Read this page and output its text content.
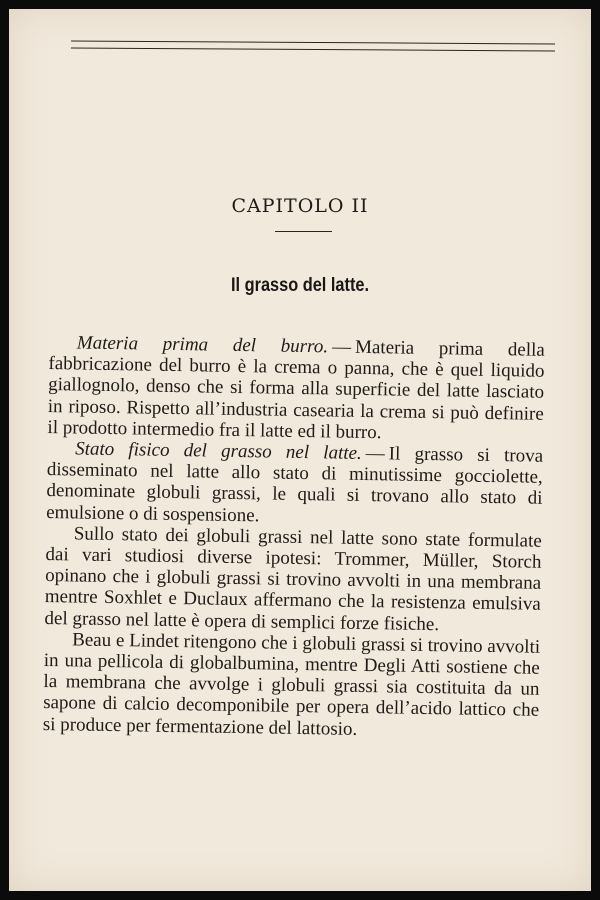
CAPITOLO II
Il grasso del latte.

Materia prima del burro. — Materia prima della fabbricazione del burro è la crema o panna, che è quel liquido giallognolo, denso che si forma alla superficie del latte lasciato in riposo. Rispetto all’industria casearia la crema si può definire il prodotto intermedio fra il latte ed il burro.

Stato fisico del grasso nel latte. — Il grasso si trova disseminato nel latte allo stato di minutissime gocciolette, denominate globuli grassi, le quali si trovano allo stato di emulsione o di sospensione.

Sullo stato dei globuli grassi nel latte sono state formulate dai vari studiosi diverse ipotesi: Trommer, Müller, Storch opinano che i globuli grassi si trovino avvolti in una membrana mentre Soxhlet e Duclaux affermano che la resistenza emulsiva del grasso nel latte è opera di semplici forze fisiche.

Beau e Lindet ritengono che i globuli grassi si trovino avvolti in una pellicola di globalbumina, mentre Degli Atti sostiene che la membrana che avvolge i globuli grassi sia costituita da un sapone di calcio decomponibile per opera dell’acido lattico che si produce per fermentazione del lattosio.
